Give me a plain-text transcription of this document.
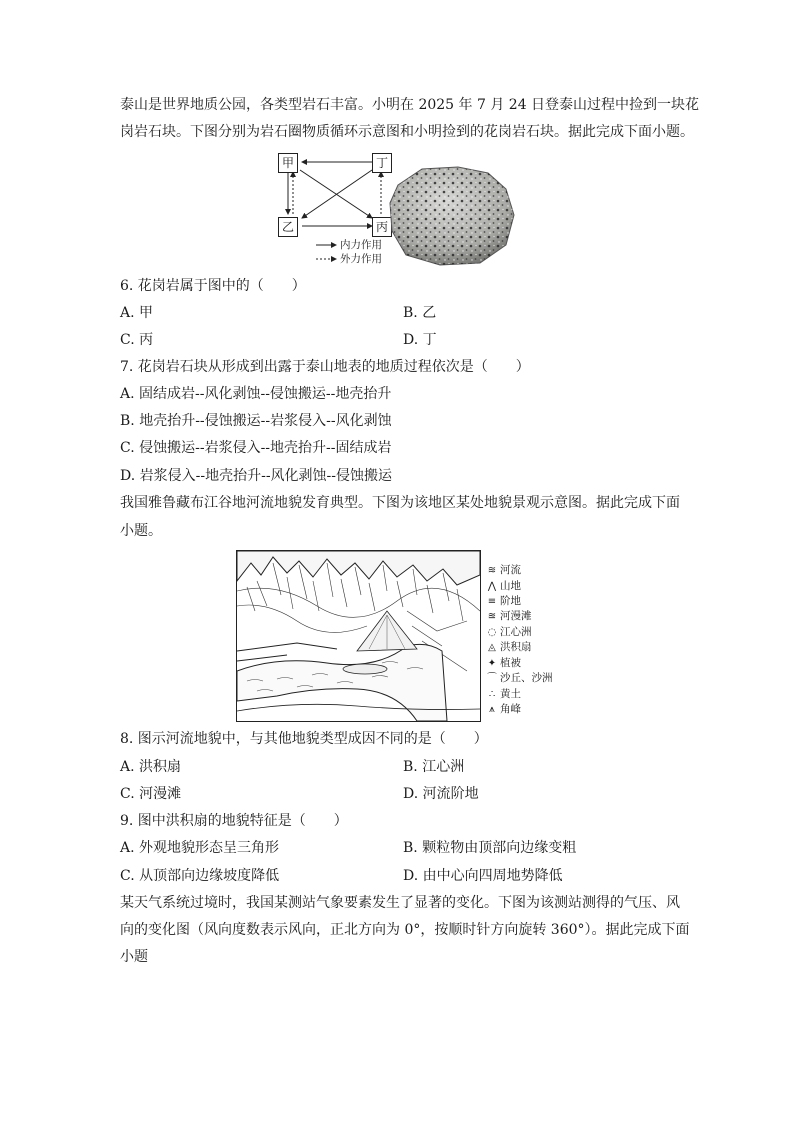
泰山是世界地质公园，各类型岩石丰富。小明在 2025 年 7 月 24 日登泰山过程中捡到一块花
岗岩石块。下图分别为岩石圈物质循环示意图和小明捡到的花岗岩石块。据此完成下面小题。
甲	丁
乙	丙
内力作用
外力作用
6. 花岗岩属于图中的（　　）
A. 甲	B. 乙
C. 丙	D. 丁
7. 花岗岩石块从形成到出露于泰山地表的地质过程依次是（　　）
A. 固结成岩--风化剥蚀--侵蚀搬运--地壳抬升
B. 地壳抬升--侵蚀搬运--岩浆侵入--风化剥蚀
C. 侵蚀搬运--岩浆侵入--地壳抬升--固结成岩
D. 岩浆侵入--地壳抬升--风化剥蚀--侵蚀搬运
我国雅鲁藏布江谷地河流地貌发育典型。下图为该地区某处地貌景观示意图。据此完成下面
小题。
≋ 河流
⋀ 山地
≡ 阶地
≊ 河漫滩
◌ 江心洲
◬ 洪积扇
✦ 植被
⌒ 沙丘、沙洲
∴ 黄土
⩚ 角峰
8. 图示河流地貌中，与其他地貌类型成因不同的是（　　）
A. 洪积扇	B. 江心洲
C. 河漫滩	D. 河流阶地
9. 图中洪积扇的地貌特征是（　　）
A. 外观地貌形态呈三角形	B. 颗粒物由顶部向边缘变粗
C. 从顶部向边缘坡度降低	D. 由中心向四周地势降低
某天气系统过境时，我国某测站气象要素发生了显著的变化。下图为该测站测得的气压、风
向的变化图（风向度数表示风向，正北方向为 0°，按顺时针方向旋转 360°）。据此完成下面
小题
